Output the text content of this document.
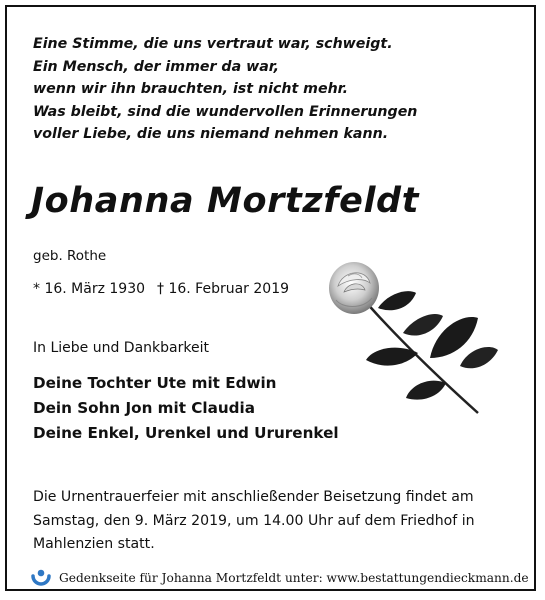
Eine Stimme, die uns vertraut war, schweigt.
Ein Mensch, der immer da war,
wenn wir ihn brauchten, ist nicht mehr.
Was bleibt, sind die wundervollen Erinnerungen
voller Liebe, die uns niemand nehmen kann.
Johanna Mortzfeldt
geb. Rothe
* 16. März 1930 † 16. Februar 2019
In Liebe und Dankbarkeit
Deine Tochter Ute mit Edwin
Dein Sohn Jon mit Claudia
Deine Enkel, Urenkel und Ururenkel
Die Urnentrauerfeier mit anschließender Beisetzung findet am
Samstag, den 9. März 2019, um 14.00 Uhr auf dem Friedhof in
Mahlenzien statt.
Gedenkseite für Johanna Mortzfeldt unter: www.bestattungendieckmann.de
